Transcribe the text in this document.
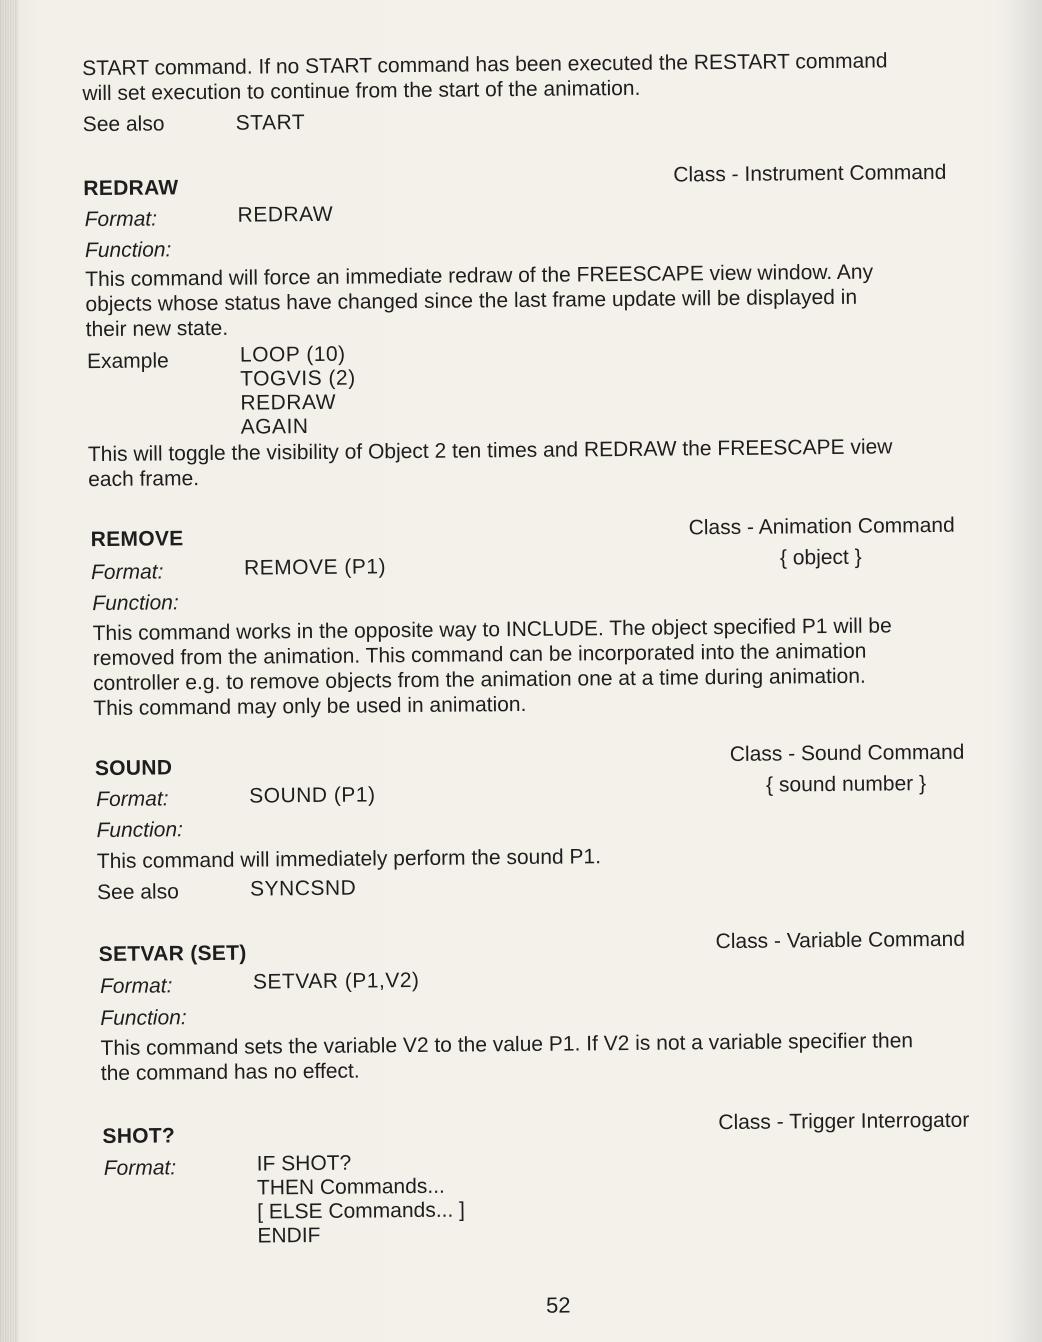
START command. If no START command has been executed the RESTART command
will set execution to continue from the start of the animation.
See also	START
REDRAW
Class - Instrument Command
Format:	REDRAW
Function:
This command will force an immediate redraw of the FREESCAPE view window. Any
objects whose status have changed since the last frame update will be displayed in
their new state.
Example	LOOP (10)
TOGVIS (2)
REDRAW
AGAIN
This will toggle the visibility of Object 2 ten times and REDRAW the FREESCAPE view
each frame.
REMOVE	Class - Animation Command
{ object }
Format:	REMOVE (P1)
Function:
This command works in the opposite way to INCLUDE. The object specified P1 will be
removed from the animation. This command can be incorporated into the animation
controller e.g. to remove objects from the animation one at a time during animation.
This command may only be used in animation.
SOUND
Class - Sound Command
{ sound number }
Format:	SOUND (P1)
Function:
This command will immediately perform the sound P1.
See also	SYNCSND
SETVAR (SET)
Class - Variable Command
Format:	SETVAR (P1,V2)
Function:
This command sets the variable V2 to the value P1. If V2 is not a variable specifier then
the command has no effect.
SHOT?
Class - Trigger Interrogator
Format:	IF SHOT?
THEN Commands...
[ ELSE Commands... ]
ENDIF
52
